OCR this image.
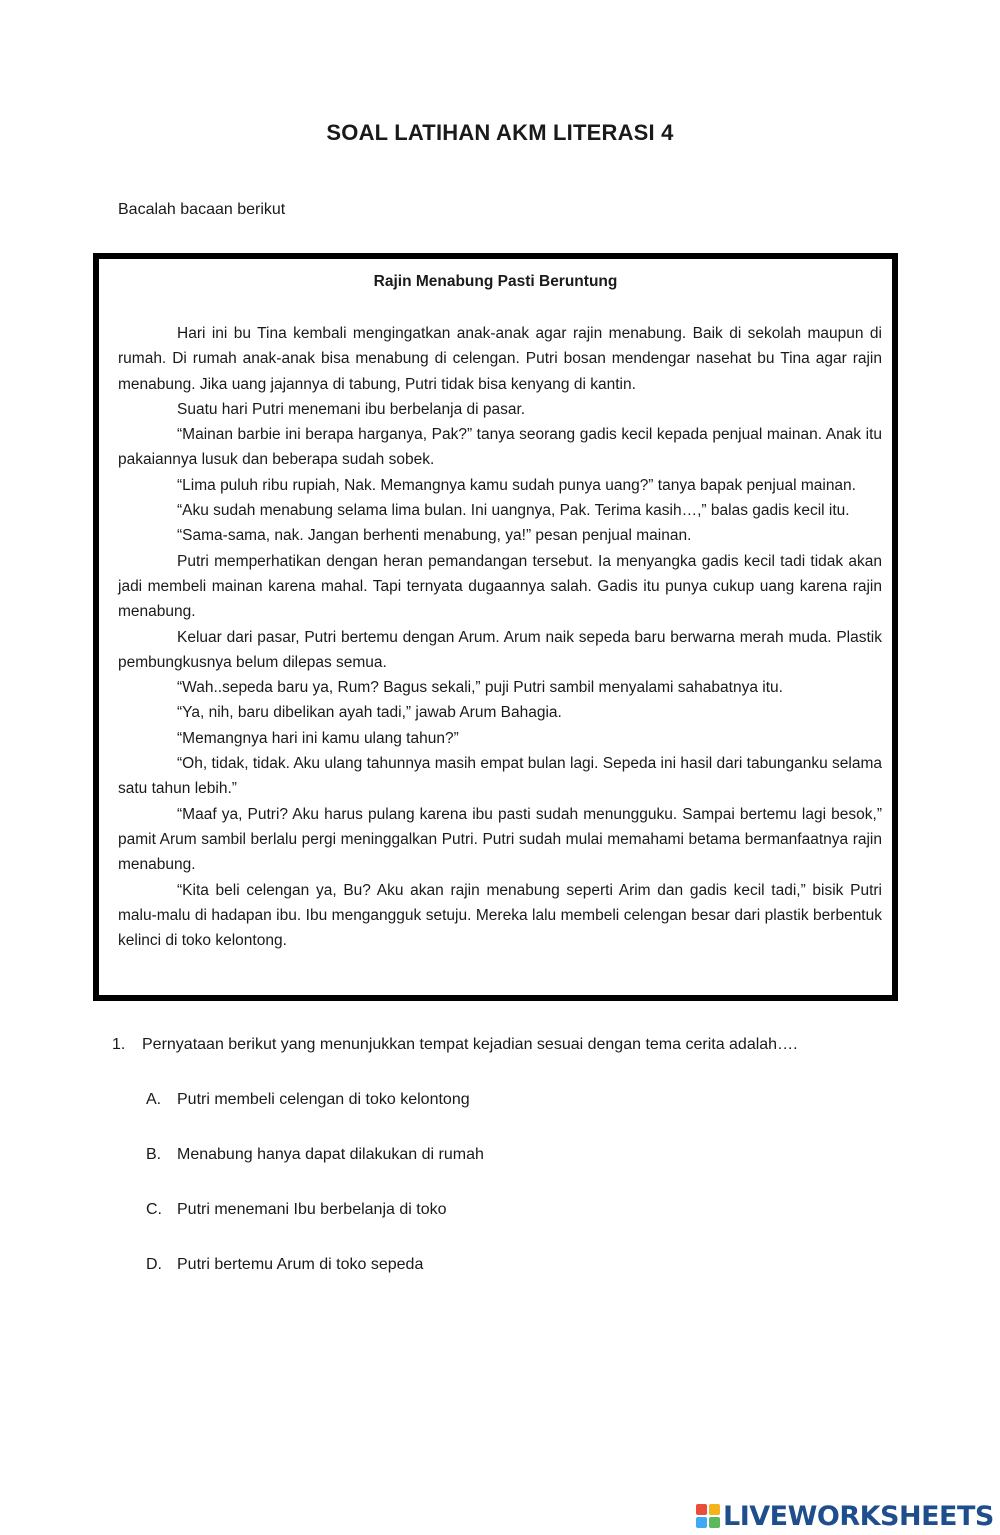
SOAL LATIHAN AKM LITERASI 4
Bacalah bacaan berikut
Rajin Menabung Pasti Beruntung

Hari ini bu Tina kembali mengingatkan anak-anak agar rajin menabung. Baik di sekolah maupun di rumah. Di rumah anak-anak bisa menabung di celengan. Putri bosan mendengar nasehat bu Tina agar rajin menabung. Jika uang jajannya di tabung, Putri tidak bisa kenyang di kantin.

Suatu hari Putri menemani ibu berbelanja di pasar.

“Mainan barbie ini berapa harganya, Pak?” tanya seorang gadis kecil kepada penjual mainan. Anak itu pakaiannya lusuk dan beberapa sudah sobek.

“Lima puluh ribu rupiah, Nak. Memangnya kamu sudah punya uang?” tanya bapak penjual mainan.

“Aku sudah menabung selama lima bulan. Ini uangnya, Pak. Terima kasih…,” balas gadis kecil itu.

“Sama-sama, nak. Jangan berhenti menabung, ya!” pesan penjual mainan.

Putri memperhatikan dengan heran pemandangan tersebut. Ia menyangka gadis kecil tadi tidak akan jadi membeli mainan karena mahal. Tapi ternyata dugaannya salah. Gadis itu punya cukup uang karena rajin menabung.

Keluar dari pasar, Putri bertemu dengan Arum. Arum naik sepeda baru berwarna merah muda. Plastik pembungkusnya belum dilepas semua.

“Wah..sepeda baru ya, Rum? Bagus sekali,” puji Putri sambil menyalami sahabatnya itu.

“Ya, nih, baru dibelikan ayah tadi,” jawab Arum Bahagia.

“Memangnya hari ini kamu ulang tahun?”

“Oh, tidak, tidak. Aku ulang tahunnya masih empat bulan lagi. Sepeda ini hasil dari tabunganku selama satu tahun lebih.”

“Maaf ya, Putri? Aku harus pulang karena ibu pasti sudah menungguku. Sampai bertemu lagi besok,” pamit Arum sambil berlalu pergi meninggalkan Putri. Putri sudah mulai memahami betama bermanfaatnya rajin menabung.

“Kita beli celengan ya, Bu? Aku akan rajin menabung seperti Arim dan gadis kecil tadi,” bisik Putri malu-malu di hadapan ibu. Ibu mengangguk setuju. Mereka lalu membeli celengan besar dari plastik berbentuk kelinci di toko kelontong.

1. Pernyataan berikut yang menunjukkan tempat kejadian sesuai dengan tema cerita adalah….
A. Putri membeli celengan di toko kelontong
B. Menabung hanya dapat dilakukan di rumah
C. Putri menemani Ibu berbelanja di toko
D. Putri bertemu Arum di toko sepeda
LIVEWORKSHEETS
